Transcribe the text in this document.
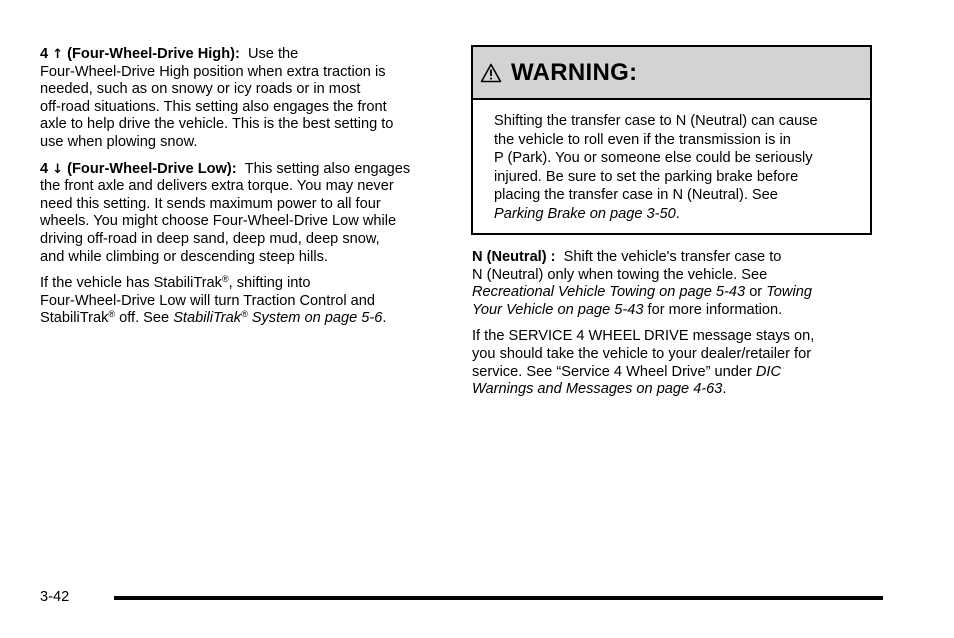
4 ↑ (Four-Wheel-Drive High): Use the
Four-Wheel-Drive High position when extra traction is
needed, such as on snowy or icy roads or in most
off-road situations. This setting also engages the front
axle to help drive the vehicle. This is the best setting to
use when plowing snow.

4 ↓ (Four-Wheel-Drive Low): This setting also engages
the front axle and delivers extra torque. You may never
need this setting. It sends maximum power to all four
wheels. You might choose Four-Wheel-Drive Low while
driving off-road in deep sand, deep mud, deep snow,
and while climbing or descending steep hills.

If the vehicle has StabiliTrak®, shifting into
Four-Wheel-Drive Low will turn Traction Control and
StabiliTrak® off. See StabiliTrak® System on page 5-6.

WARNING:
Shifting the transfer case to N (Neutral) can cause
the vehicle to roll even if the transmission is in
P (Park). You or someone else could be seriously
injured. Be sure to set the parking brake before
placing the transfer case in N (Neutral). See
Parking Brake on page 3-50.

N (Neutral) : Shift the vehicle's transfer case to
N (Neutral) only when towing the vehicle. See
Recreational Vehicle Towing on page 5-43 or Towing
Your Vehicle on page 5-43 for more information.

If the SERVICE 4 WHEEL DRIVE message stays on,
you should take the vehicle to your dealer/retailer for
service. See “Service 4 Wheel Drive” under DIC
Warnings and Messages on page 4-63.

3-42
